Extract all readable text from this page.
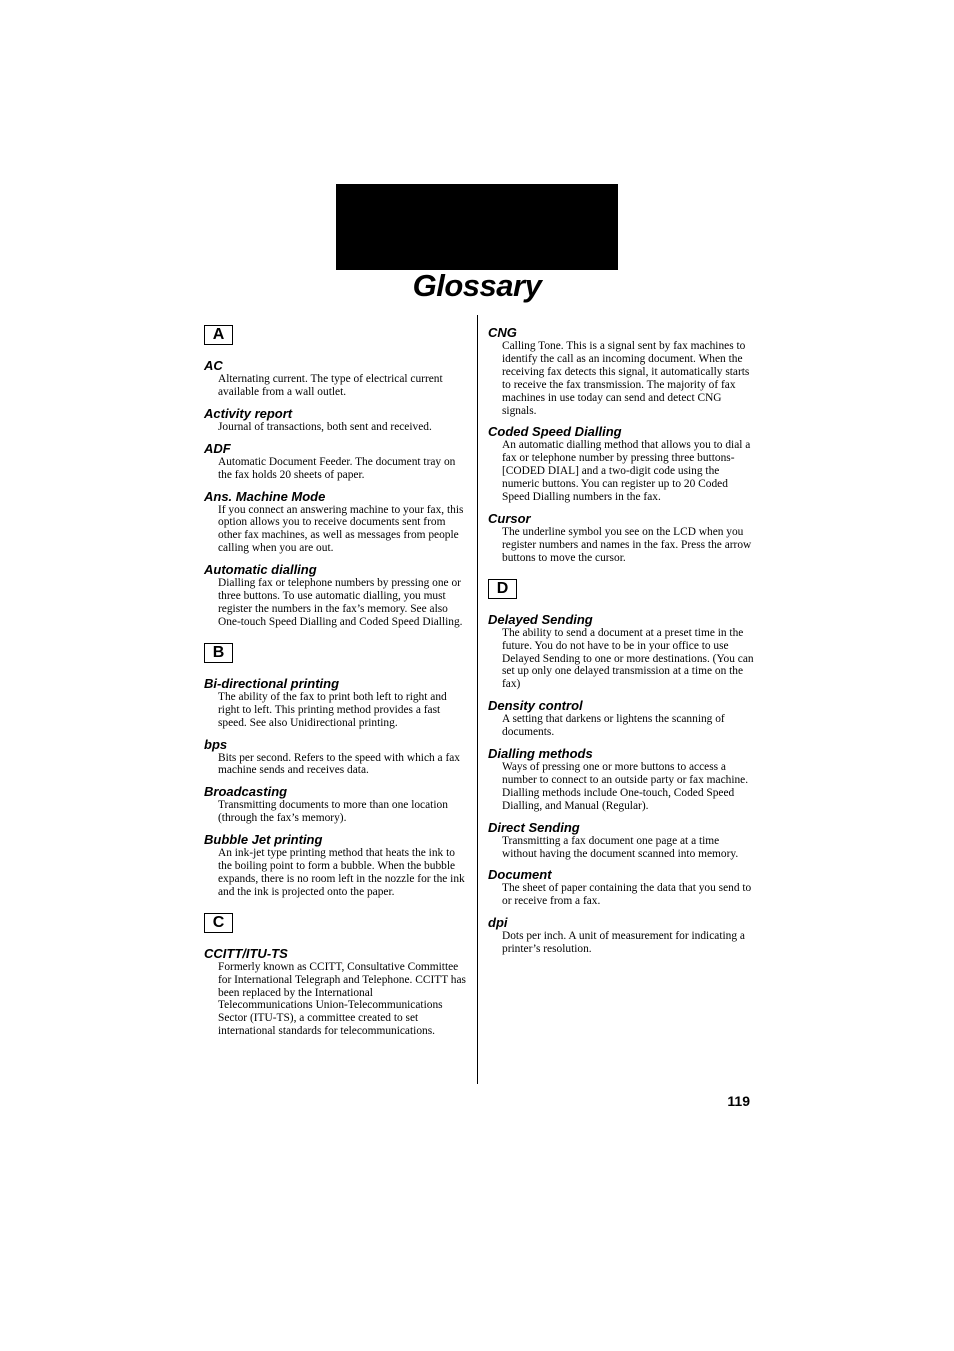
Glossary
A
AC
Alternating current. The type of electrical current available from a wall outlet.
Activity report
Journal of transactions, both sent and received.
ADF
Automatic Document Feeder. The document tray on the fax holds 20 sheets of paper.
Ans. Machine Mode
If you connect an answering machine to your fax, this option allows you to receive documents sent from other fax machines, as well as messages from people calling when you are out.
Automatic dialling
Dialling fax or telephone numbers by pressing one or three buttons. To use automatic dialling, you must register the numbers in the fax’s memory. See also One-touch Speed Dialling and Coded Speed Dialling.
B
Bi-directional printing
The ability of the fax to print both left to right and right to left. This printing method provides a fast speed. See also Unidirectional printing.
bps
Bits per second. Refers to the speed with which a fax machine sends and receives data.
Broadcasting
Transmitting documents to more than one location (through the fax’s memory).
Bubble Jet printing
An ink-jet type printing method that heats the ink to the boiling point to form a bubble. When the bubble expands, there is no room left in the nozzle for the ink and the ink is projected onto the paper.
C
CCITT/ITU-TS
Formerly known as CCITT, Consultative Committee for International Telegraph and Telephone. CCITT has been replaced by the International Telecommunications Union-Telecommunications Sector (ITU-TS), a committee created to set international standards for telecommunications.
CNG
Calling Tone. This is a signal sent by fax machines to identify the call as an incoming document. When the receiving fax detects this signal, it automatically starts to receive the fax transmission. The majority of fax machines in use today can send and detect CNG signals.
Coded Speed Dialling
An automatic dialling method that allows you to dial a fax or telephone number by pressing three buttons-[CODED DIAL] and a two-digit code using the numeric buttons. You can register up to 20 Coded Speed Dialling numbers in the fax.
Cursor
The underline symbol you see on the LCD when you register numbers and names in the fax. Press the arrow buttons to move the cursor.
D
Delayed Sending
The ability to send a document at a preset time in the future. You do not have to be in your office to use Delayed Sending to one or more destinations. (You can set up only one delayed transmission at a time on the fax)
Density control
A setting that darkens or lightens the scanning of documents.
Dialling methods
Ways of pressing one or more buttons to access a number to connect to an outside party or fax machine. Dialling methods include One-touch, Coded Speed Dialling, and Manual (Regular).
Direct Sending
Transmitting a fax document one page at a time without having the document scanned into memory.
Document
The sheet of paper containing the data that you send to or receive from a fax.
dpi
Dots per inch. A unit of measurement for indicating a printer’s resolution.
119
